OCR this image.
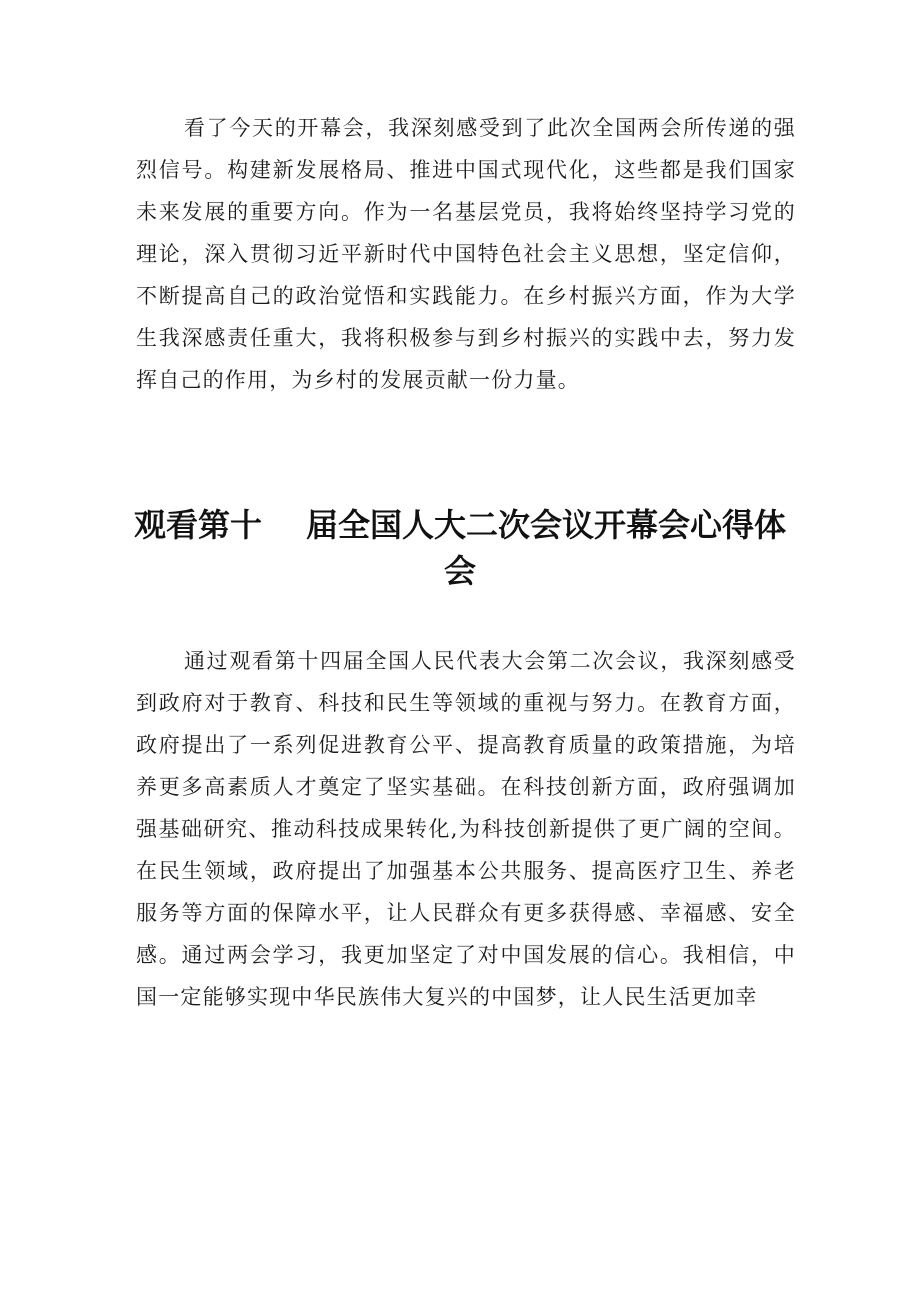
看了今天的开幕会，我深刻感受到了此次全国两会所传递的强烈信号。构建新发展格局、推进中国式现代化，这些都是我们国家未来发展的重要方向。作为一名基层党员，我将始终坚持学习党的理论，深入贯彻习近平新时代中国特色社会主义思想，坚定信仰，不断提高自己的政治觉悟和实践能力。在乡村振兴方面，作为大学生我深感责任重大，我将积极参与到乡村振兴的实践中去，努力发挥自己的作用，为乡村的发展贡献一份力量。

观看第十 届全国人大二次会议开幕会心得体会

通过观看第十四届全国人民代表大会第二次会议，我深刻感受到政府对于教育、科技和民生等领域的重视与努力。在教育方面，政府提出了一系列促进教育公平、提高教育质量的政策措施，为培养更多高素质人才奠定了坚实基础。在科技创新方面，政府强调加强基础研究、推动科技成果转化,为科技创新提供了更广阔的空间。在民生领域，政府提出了加强基本公共服务、提高医疗卫生、养老服务等方面的保障水平，让人民群众有更多获得感、幸福感、安全感。通过两会学习，我更加坚定了对中国发展的信心。我相信，中国一定能够实现中华民族伟大复兴的中国梦，让人民生活更加幸
